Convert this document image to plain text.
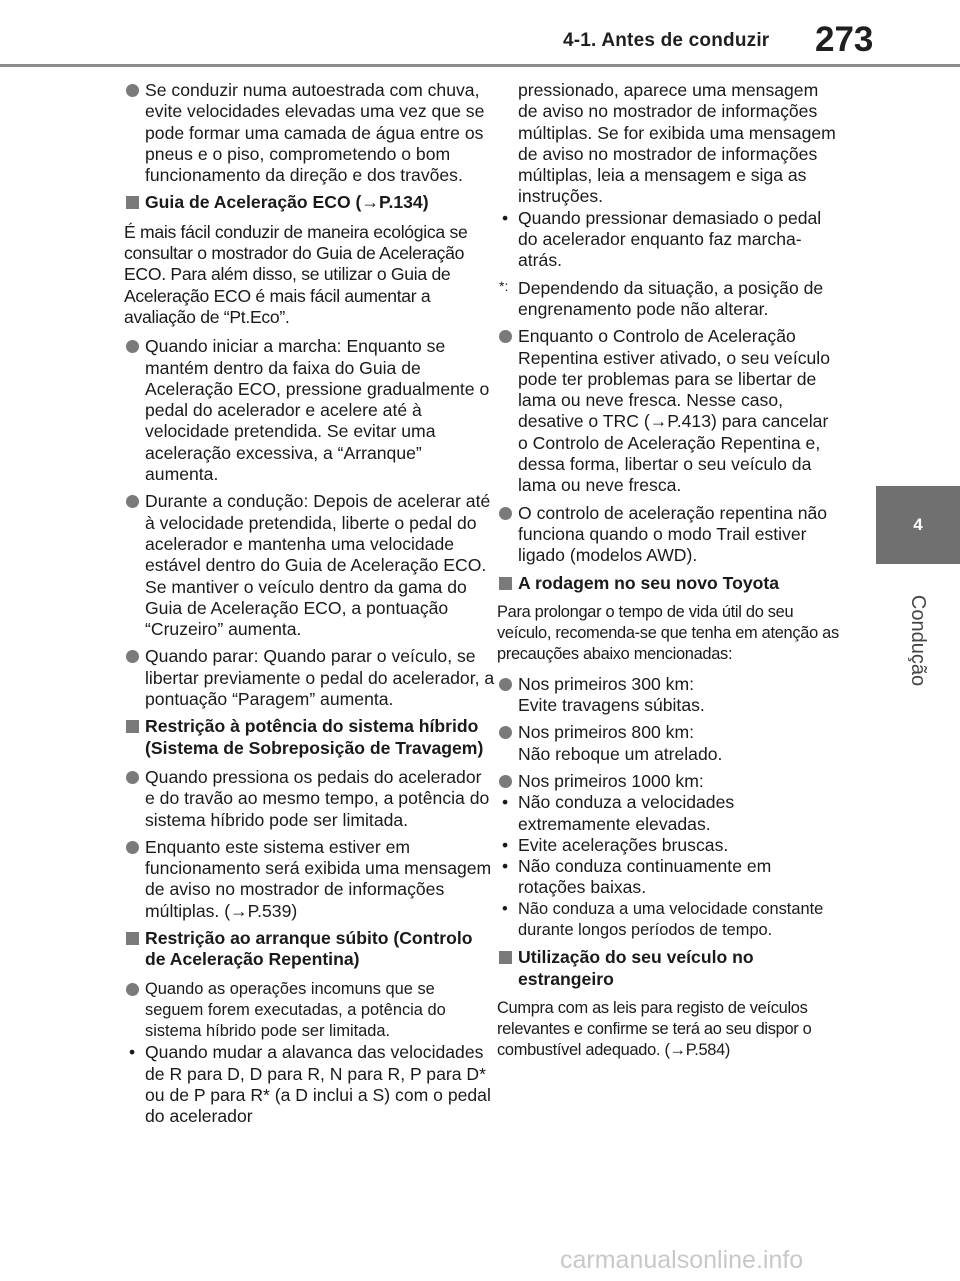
4-1. Antes de conduzir 273
4
Condução

Se conduzir numa autoestrada com chuva, evite velocidades elevadas uma vez que se pode formar uma camada de água entre os pneus e o piso, comprometendo o bom funcionamento da direção e dos travões.

Guia de Aceleração ECO (→P.134)

É mais fácil conduzir de maneira ecológica se consultar o mostrador do Guia de Aceleração ECO. Para além disso, se utilizar o Guia de Aceleração ECO é mais fácil aumentar a avaliação de “Pt.Eco”.

Quando iniciar a marcha: Enquanto se mantém dentro da faixa do Guia de Aceleração ECO, pressione gradualmente o pedal do acelerador e acelere até à velocidade pretendida. Se evitar uma aceleração excessiva, a “Arranque” aumenta.

Durante a condução: Depois de acelerar até à velocidade pretendida, liberte o pedal do acelerador e mantenha uma velocidade estável dentro do Guia de Aceleração ECO. Se mantiver o veículo dentro da gama do Guia de Aceleração ECO, a pontuação “Cruzeiro” aumenta.

Quando parar: Quando parar o veículo, se libertar previamente o pedal do acelerador, a pontuação “Paragem” aumenta.

Restrição à potência do sistema híbrido (Sistema de Sobreposição de Travagem)

Quando pressiona os pedais do acelerador e do travão ao mesmo tempo, a potência do sistema híbrido pode ser limitada.

Enquanto este sistema estiver em funcionamento será exibida uma mensagem de aviso no mostrador de informações múltiplas. (→P.539)

Restrição ao arranque súbito (Controlo de Aceleração Repentina)

Quando as operações incomuns que se seguem forem executadas, a potência do sistema híbrido pode ser limitada.

• Quando mudar a alavanca das velocidades de R para D, D para R, N para R, P para D* ou de P para R* (a D inclui a S) com o pedal do acelerador

pressionado, aparece uma mensagem de aviso no mostrador de informações múltiplas. Se for exibida uma mensagem de aviso no mostrador de informações múltiplas, leia a mensagem e siga as instruções.

• Quando pressionar demasiado o pedal do acelerador enquanto faz marcha-atrás.

*: Dependendo da situação, a posição de engrenamento pode não alterar.

Enquanto o Controlo de Aceleração Repentina estiver ativado, o seu veículo pode ter problemas para se libertar de lama ou neve fresca. Nesse caso, desative o TRC (→P.413) para cancelar o Controlo de Aceleração Repentina e, dessa forma, libertar o seu veículo da lama ou neve fresca.

O controlo de aceleração repentina não funciona quando o modo Trail estiver ligado (modelos AWD).

A rodagem no seu novo Toyota

Para prolongar o tempo de vida útil do seu veículo, recomenda-se que tenha em atenção as precauções abaixo mencionadas:

Nos primeiros 300 km:
Evite travagens súbitas.

Nos primeiros 800 km:
Não reboque um atrelado.

Nos primeiros 1000 km:

• Não conduza a velocidades extremamente elevadas.

• Evite acelerações bruscas.

• Não conduza continuamente em rotações baixas.

• Não conduza a uma velocidade constante durante longos períodos de tempo.

Utilização do seu veículo no estrangeiro

Cumpra com as leis para registo de veículos relevantes e confirme se terá ao seu dispor o combustível adequado. (→P.584)

carmanualsonline.info
